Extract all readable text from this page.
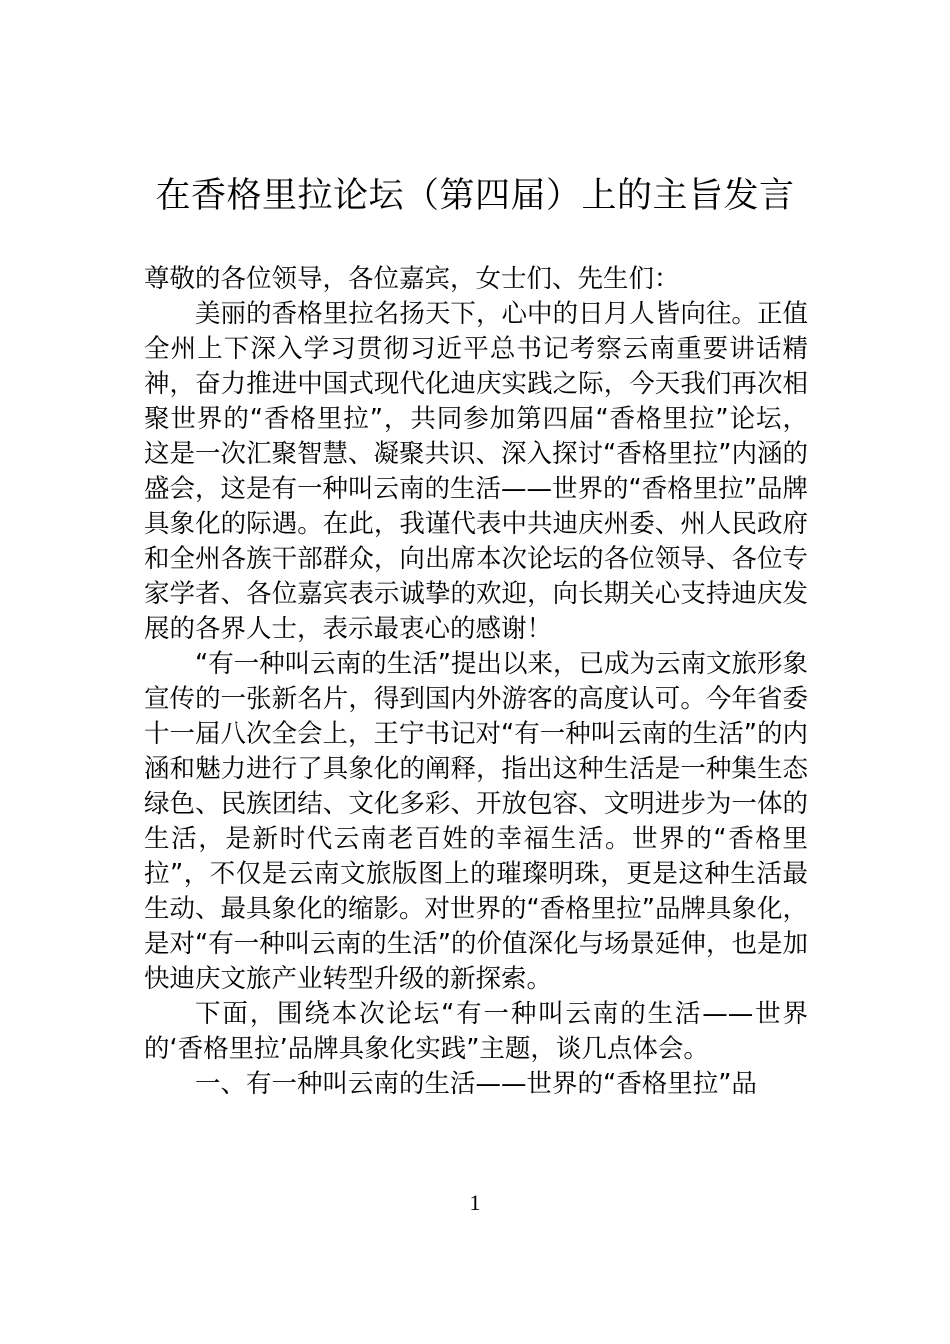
在香格里拉论坛（第四届）上的主旨发言

尊敬的各位领导，各位嘉宾，女士们、先生们：

美丽的香格里拉名扬天下，心中的日月人皆向往。正值全州上下深入学习贯彻习近平总书记考察云南重要讲话精神，奋力推进中国式现代化迪庆实践之际，今天我们再次相聚世界的“香格里拉”，共同参加第四届“香格里拉”论坛，这是一次汇聚智慧、凝聚共识、深入探讨“香格里拉”内涵的盛会，这是有一种叫云南的生活——世界的“香格里拉”品牌具象化的际遇。在此，我谨代表中共迪庆州委、州人民政府和全州各族干部群众，向出席本次论坛的各位领导、各位专家学者、各位嘉宾表示诚挚的欢迎，向长期关心支持迪庆发展的各界人士，表示最衷心的感谢！

“有一种叫云南的生活”提出以来，已成为云南文旅形象宣传的一张新名片，得到国内外游客的高度认可。今年省委十一届八次全会上，王宁书记对“有一种叫云南的生活”的内涵和魅力进行了具象化的阐释，指出这种生活是一种集生态绿色、民族团结、文化多彩、开放包容、文明进步为一体的生活，是新时代云南老百姓的幸福生活。世界的“香格里拉”，不仅是云南文旅版图上的璀璨明珠，更是这种生活最生动、最具象化的缩影。对世界的“香格里拉”品牌具象化，是对“有一种叫云南的生活”的价值深化与场景延伸，也是加快迪庆文旅产业转型升级的新探索。

下面，围绕本次论坛“有一种叫云南的生活——世界的‘香格里拉’品牌具象化实践”主题，谈几点体会。

一、有一种叫云南的生活——世界的“香格里拉”品

1
